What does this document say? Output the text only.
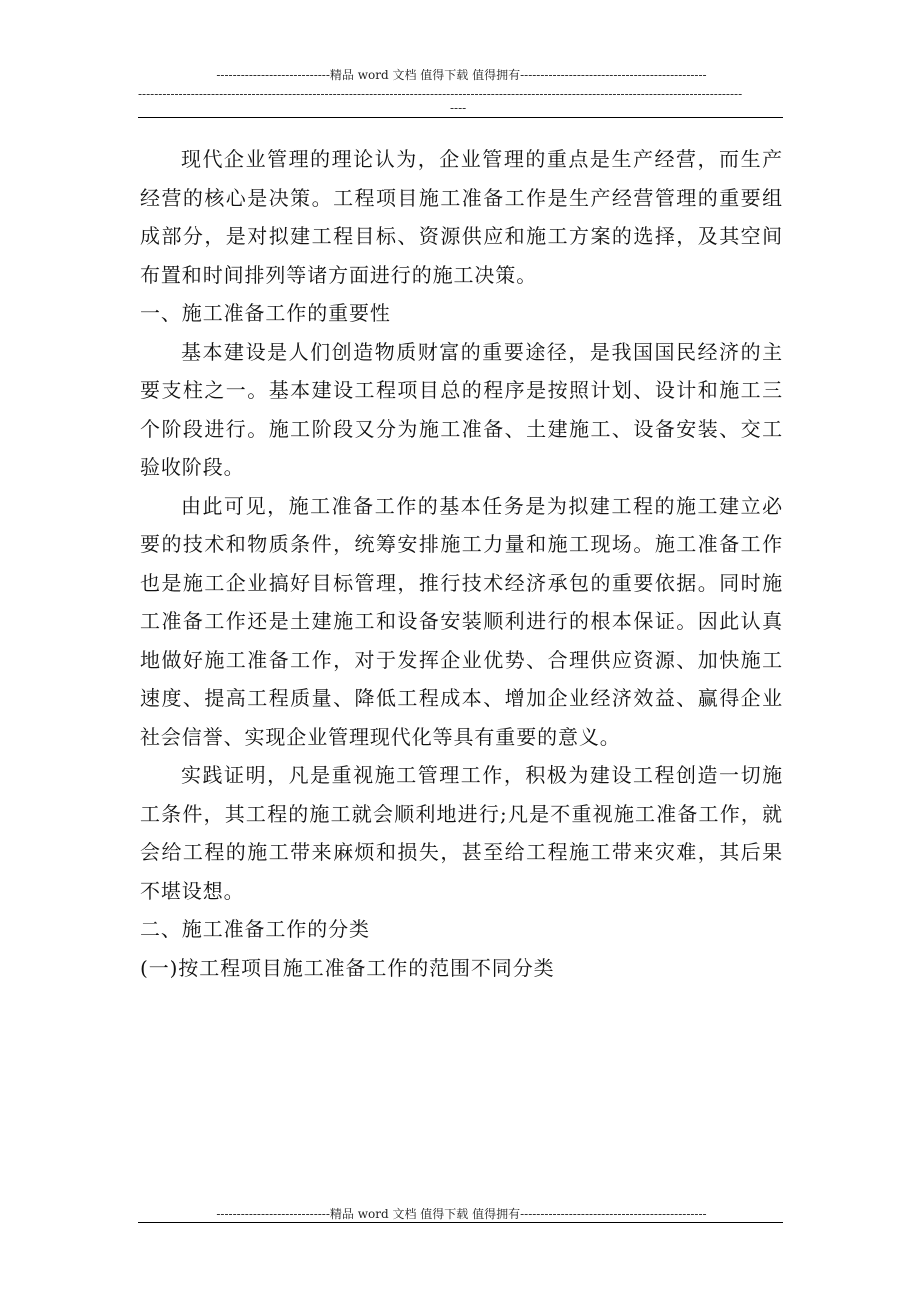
----------------------------精品 word 文档 值得下载 值得拥有----------------------------------------------
-----------------------------------------------------------------------------------------------------------------------------------------------------
----

现代企业管理的理论认为，企业管理的重点是生产经营，而生产经营的核心是决策。工程项目施工准备工作是生产经营管理的重要组成部分，是对拟建工程目标、资源供应和施工方案的选择，及其空间布置和时间排列等诸方面进行的施工决策。

一、施工准备工作的重要性

基本建设是人们创造物质财富的重要途径，是我国国民经济的主要支柱之一。基本建设工程项目总的程序是按照计划、设计和施工三个阶段进行。施工阶段又分为施工准备、土建施工、设备安装、交工验收阶段。

由此可见，施工准备工作的基本任务是为拟建工程的施工建立必要的技术和物质条件，统筹安排施工力量和施工现场。施工准备工作也是施工企业搞好目标管理，推行技术经济承包的重要依据。同时施工准备工作还是土建施工和设备安装顺利进行的根本保证。因此认真地做好施工准备工作，对于发挥企业优势、合理供应资源、加快施工速度、提高工程质量、降低工程成本、增加企业经济效益、赢得企业社会信誉、实现企业管理现代化等具有重要的意义。

实践证明，凡是重视施工管理工作，积极为建设工程创造一切施工条件，其工程的施工就会顺利地进行;凡是不重视施工准备工作，就会给工程的施工带来麻烦和损失，甚至给工程施工带来灾难，其后果不堪设想。

二、施工准备工作的分类

(一)按工程项目施工准备工作的范围不同分类

----------------------------精品 word 文档 值得下载 值得拥有----------------------------------------------
